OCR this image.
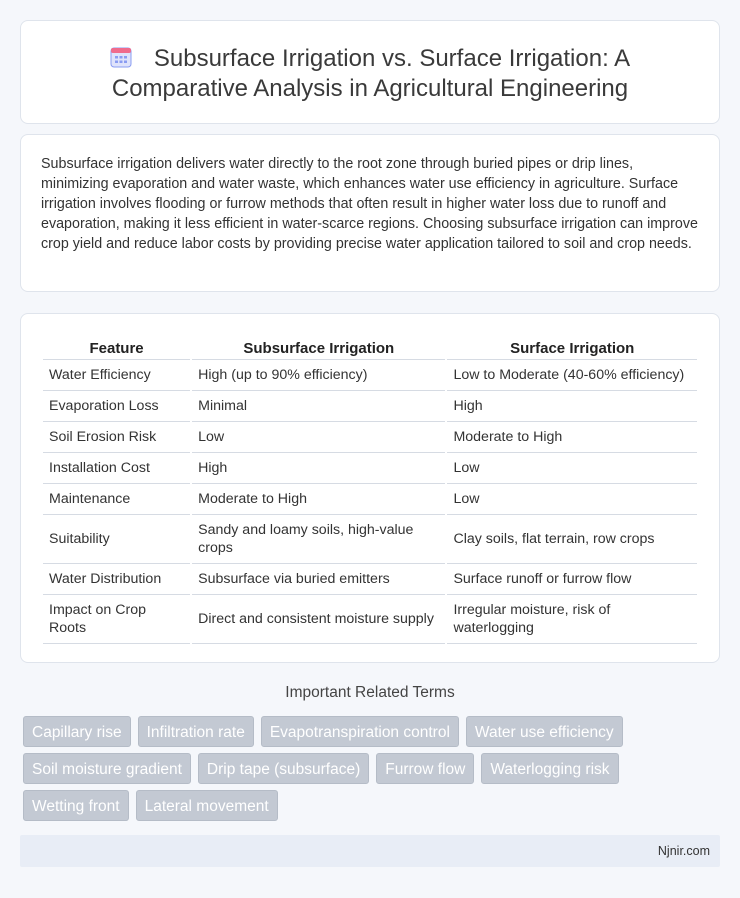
Subsurface Irrigation vs. Surface Irrigation: A Comparative Analysis in Agricultural Engineering

Subsurface irrigation delivers water directly to the root zone through buried pipes or drip lines, minimizing evaporation and water waste, which enhances water use efficiency in agriculture. Surface irrigation involves flooding or furrow methods that often result in higher water loss due to runoff and evaporation, making it less efficient in water-scarce regions. Choosing subsurface irrigation can improve crop yield and reduce labor costs by providing precise water application tailored to soil and crop needs.

Feature	Subsurface Irrigation	Surface Irrigation
Water Efficiency	High (up to 90% efficiency)	Low to Moderate (40-60% efficiency)
Evaporation Loss	Minimal	High
Soil Erosion Risk	Low	Moderate to High
Installation Cost	High	Low
Maintenance	Moderate to High	Low
Suitability	Sandy and loamy soils, high-value crops	Clay soils, flat terrain, row crops
Water Distribution	Subsurface via buried emitters	Surface runoff or furrow flow
Impact on Crop Roots	Direct and consistent moisture supply	Irregular moisture, risk of waterlogging
Important Related Terms
Capillary rise	Infiltration rate	Evapotranspiration control	Water use efficiency
Soil moisture gradient	Drip tape (subsurface)	Furrow flow	Waterlogging risk
Wetting front	Lateral movement
Njnir.com
